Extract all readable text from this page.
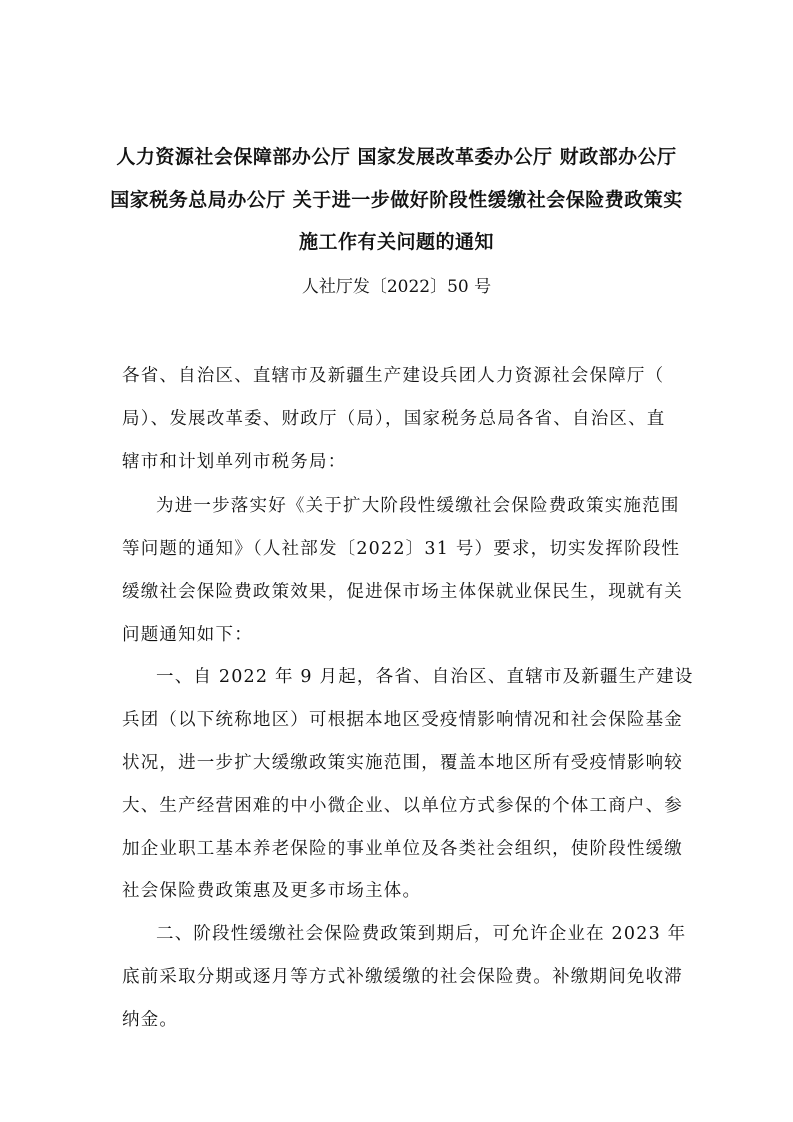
人力资源社会保障部办公厅 国家发展改革委办公厅 财政部办公厅
国家税务总局办公厅 关于进一步做好阶段性缓缴社会保险费政策实
施工作有关问题的通知
人社厅发〔2022〕50 号
各省、自治区、直辖市及新疆生产建设兵团人力资源社会保障厅（
局）、发展改革委、财政厅（局），国家税务总局各省、自治区、直
辖市和计划单列市税务局：
为进一步落实好《关于扩大阶段性缓缴社会保险费政策实施范围
等问题的通知》（人社部发〔2022〕31 号）要求，切实发挥阶段性
缓缴社会保险费政策效果，促进保市场主体保就业保民生，现就有关
问题通知如下：
一、自 2022 年 9 月起，各省、自治区、直辖市及新疆生产建设
兵团（以下统称地区）可根据本地区受疫情影响情况和社会保险基金
状况，进一步扩大缓缴政策实施范围，覆盖本地区所有受疫情影响较
大、生产经营困难的中小微企业、以单位方式参保的个体工商户、参
加企业职工基本养老保险的事业单位及各类社会组织，使阶段性缓缴
社会保险费政策惠及更多市场主体。
二、阶段性缓缴社会保险费政策到期后，可允许企业在 2023 年
底前采取分期或逐月等方式补缴缓缴的社会保险费。补缴期间免收滞
纳金。
